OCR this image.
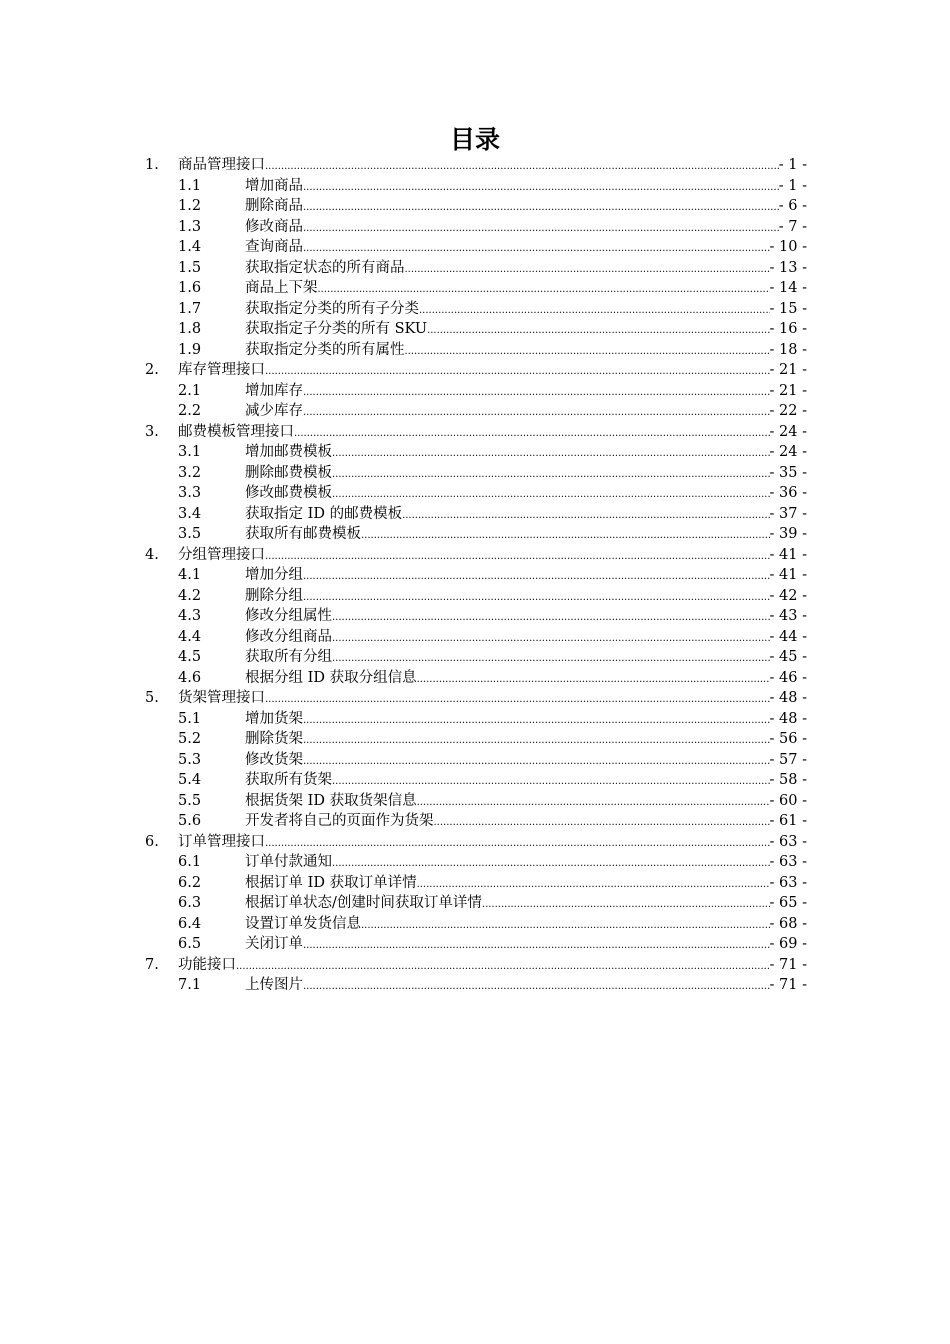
目录
1. 商品管理接口 .....	- 1 -
1.1	增加商品 .....	- 1 -
1.2	删除商品 .....	- 6 -
1.3	修改商品 .....	- 7 -
1.4	查询商品 .....	- 10 -
1.5	获取指定状态的所有商品 .....	- 13 -
1.6	商品上下架 .....	- 14 -
1.7	获取指定分类的所有子分类 .....	- 15 -
1.8	获取指定子分类的所有 SKU .....	- 16 -
1.9	获取指定分类的所有属性 .....	- 18 -
2. 库存管理接口 .....	- 21 -
2.1	增加库存 .....	- 21 -
2.2	减少库存 .....	- 22 -
3. 邮费模板管理接口 .....	- 24 -
3.1	增加邮费模板 .....	- 24 -
3.2	删除邮费模板 .....	- 35 -
3.3	修改邮费模板 .....	- 36 -
3.4	获取指定 ID 的邮费模板 .....	- 37 -
3.5	获取所有邮费模板 .....	- 39 -
4. 分组管理接口 .....	- 41 -
4.1	增加分组 .....	- 41 -
4.2	删除分组 .....	- 42 -
4.3	修改分组属性 .....	- 43 -
4.4	修改分组商品 .....	- 44 -
4.5	获取所有分组 .....	- 45 -
4.6	根据分组 ID 获取分组信息 .....	- 46 -
5. 货架管理接口 .....	- 48 -
5.1	增加货架 .....	- 48 -
5.2	删除货架 .....	- 56 -
5.3	修改货架 .....	- 57 -
5.4	获取所有货架 .....	- 58 -
5.5	根据货架 ID 获取货架信息 .....	- 60 -
5.6	开发者将自己的页面作为货架 .....	- 61 -
6. 订单管理接口 .....	- 63 -
6.1	订单付款通知 .....	- 63 -
6.2	根据订单 ID 获取订单详情 .....	- 63 -
6.3	根据订单状态/创建时间获取订单详情 .....	- 65 -
6.4	设置订单发货信息 .....	- 68 -
6.5	关闭订单 .....	- 69 -
7. 功能接口 .....	- 71 -
7.1	上传图片 .....	- 71 -
